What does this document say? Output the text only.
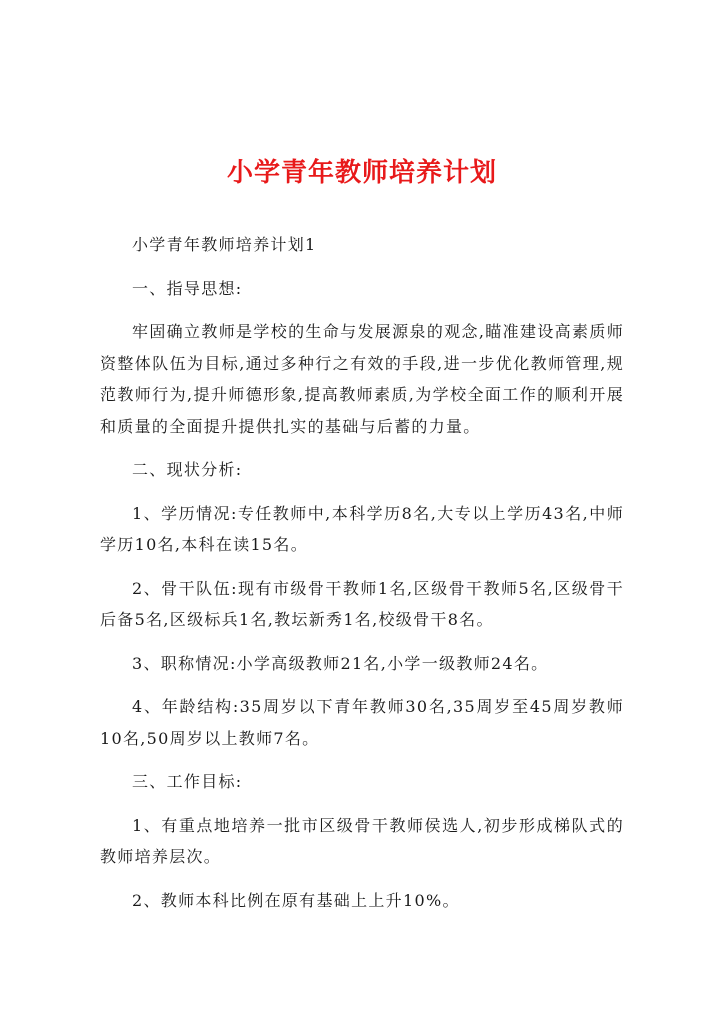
小学青年教师培养计划

小学青年教师培养计划1

一、指导思想:

牢固确立教师是学校的生命与发展源泉的观念,瞄准建设高素质师资整体队伍为目标,通过多种行之有效的手段,进一步优化教师管理,规范教师行为,提升师德形象,提高教师素质,为学校全面工作的顺利开展和质量的全面提升提供扎实的基础与后蓄的力量。

二、现状分析:

1、学历情况:专任教师中,本科学历8名,大专以上学历43名,中师学历10名,本科在读15名。

2、骨干队伍:现有市级骨干教师1名,区级骨干教师5名,区级骨干后备5名,区级标兵1名,教坛新秀1名,校级骨干8名。

3、职称情况:小学高级教师21名,小学一级教师24名。

4、年龄结构:35周岁以下青年教师30名,35周岁至45周岁教师10名,50周岁以上教师7名。

三、工作目标:

1、有重点地培养一批市区级骨干教师侯选人,初步形成梯队式的教师培养层次。

2、教师本科比例在原有基础上上升10%。
